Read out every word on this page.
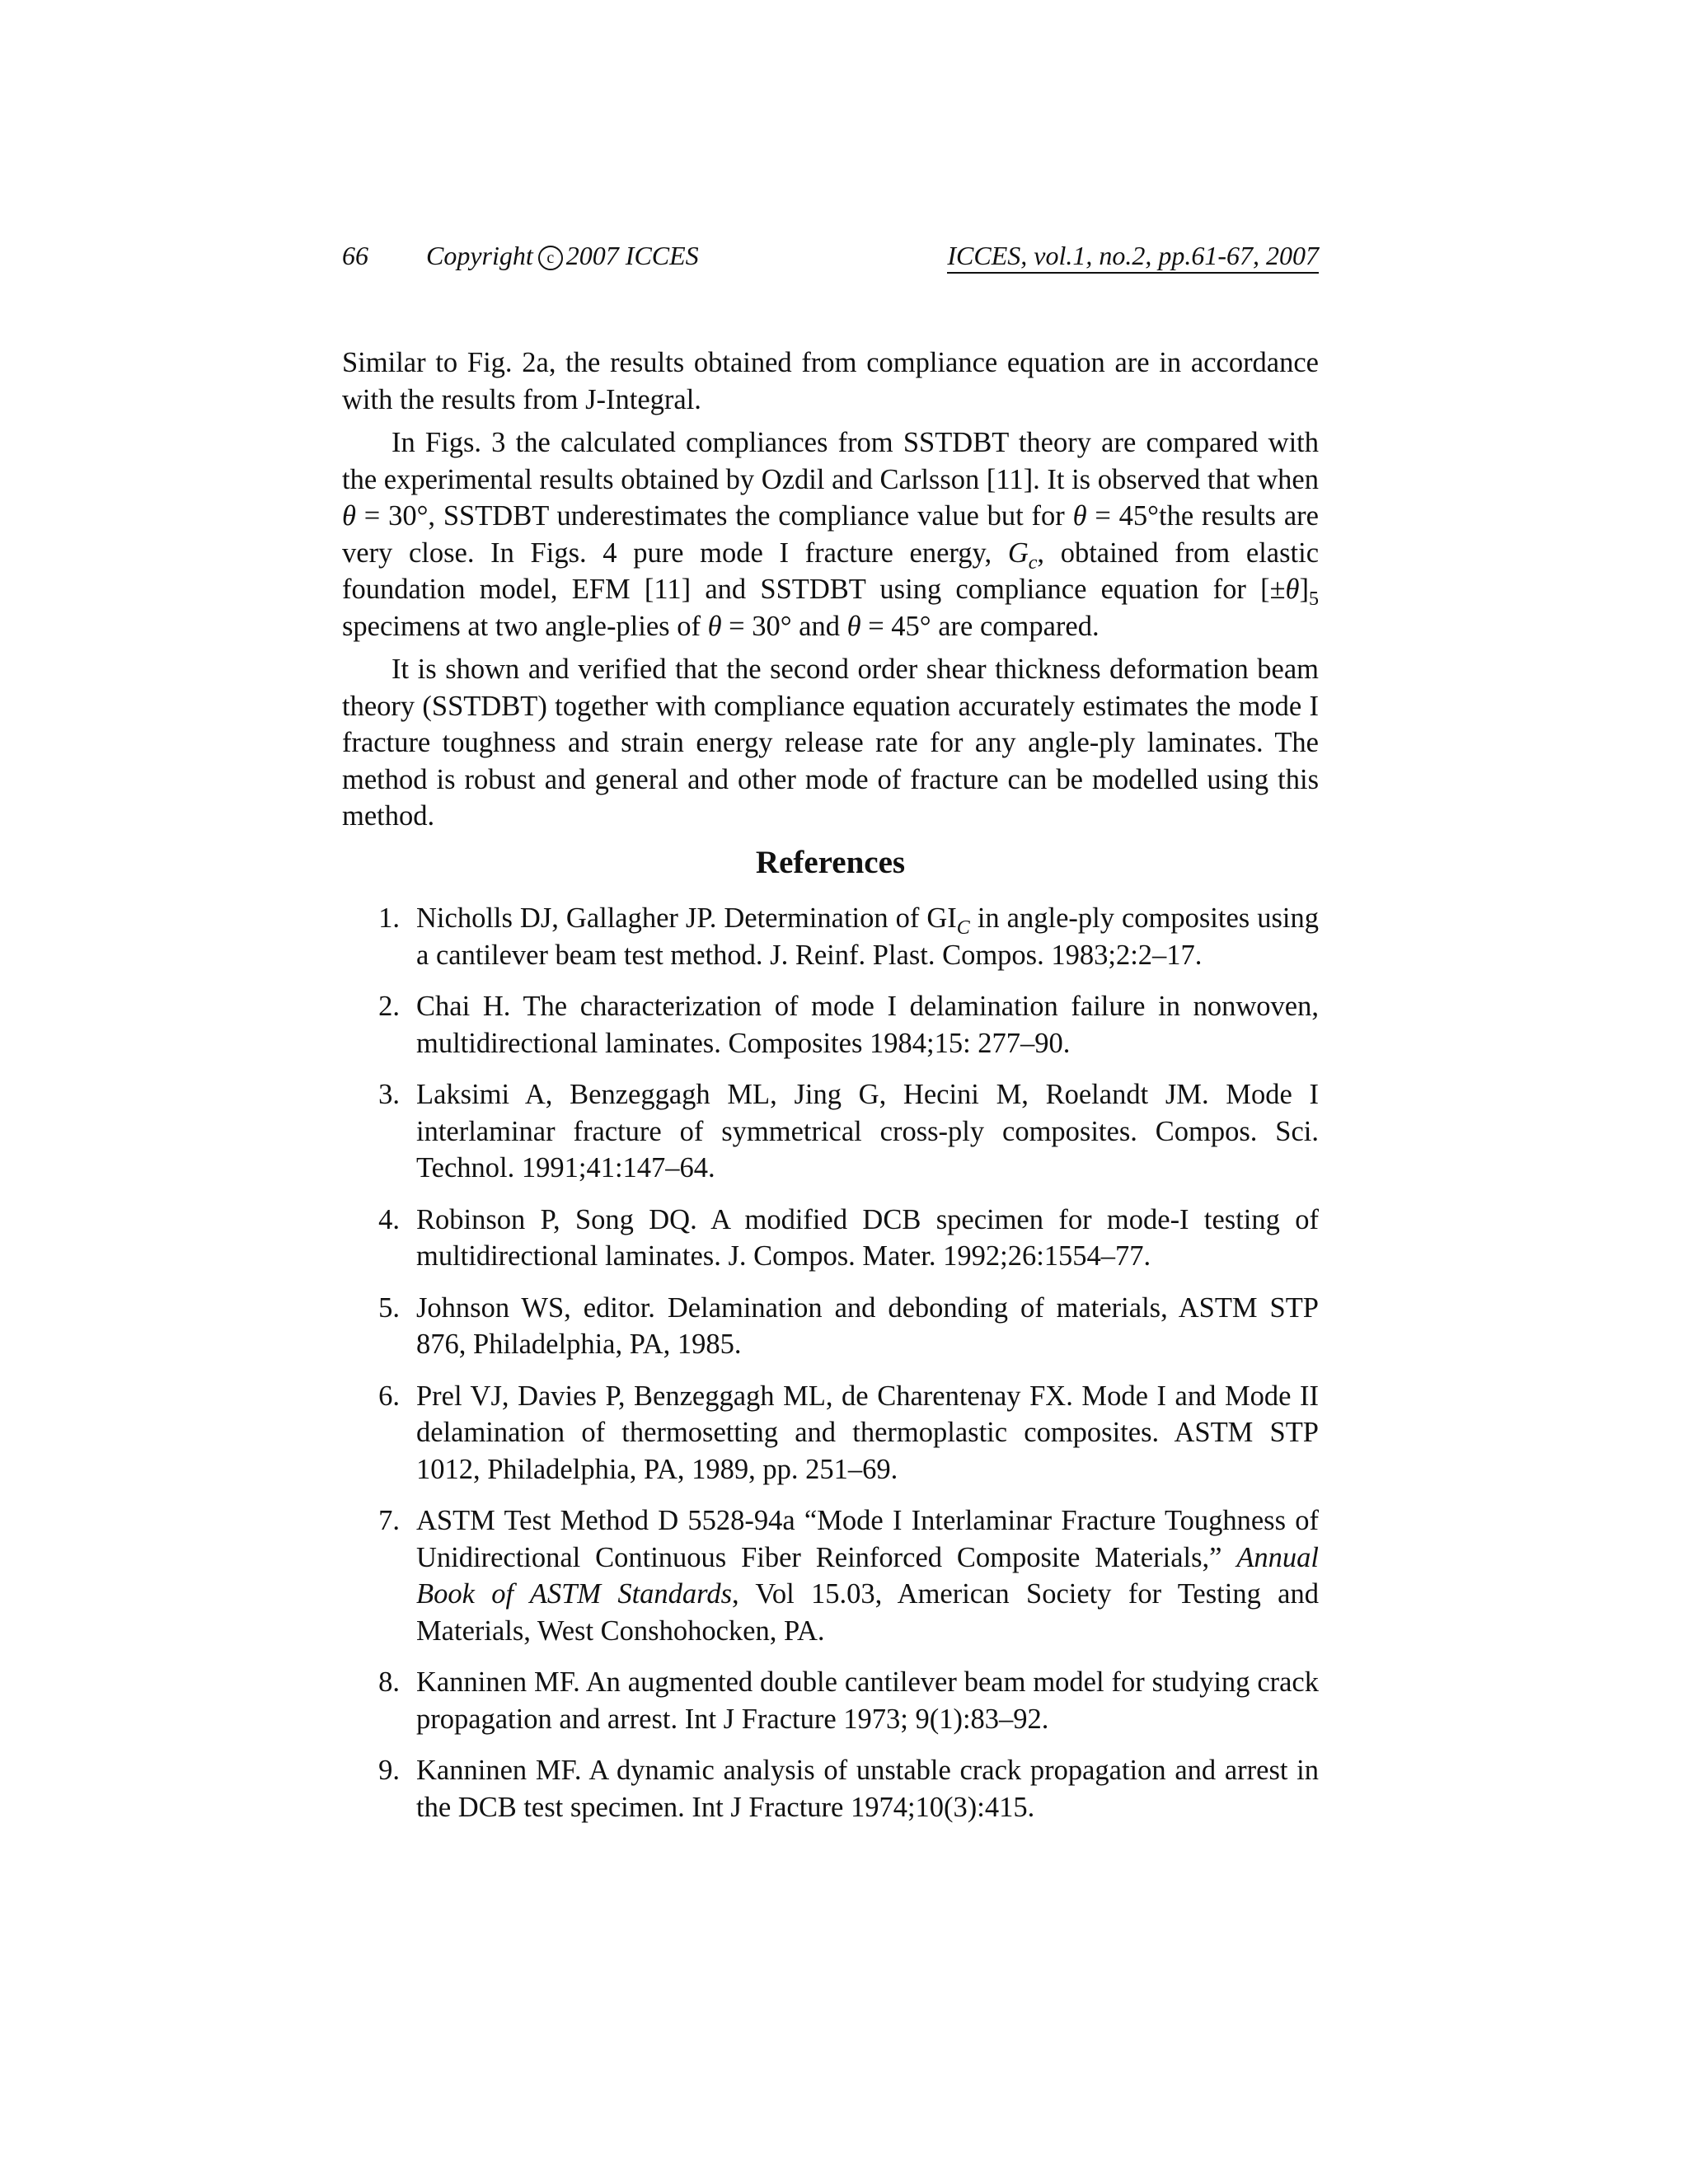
66 Copyright c 2007 ICCES	ICCES, vol.1, no.2, pp.61-67, 2007

Similar to Fig. 2a, the results obtained from compliance equation are in accordance with the results from J-Integral.

In Figs. 3 the calculated compliances from SSTDBT theory are compared with the experimental results obtained by Ozdil and Carlsson [11]. It is observed that when θ = 30°, SSTDBT underestimates the compliance value but for θ = 45°the results are very close. In Figs. 4 pure mode I fracture energy, $G_c$, obtained from elastic foundation model, EFM [11] and SSTDBT using compliance equation for $[\pm\theta]_5$ specimens at two angle-plies of θ = 30° and θ = 45° are compared.

It is shown and verified that the second order shear thickness deformation beam theory (SSTDBT) together with compliance equation accurately estimates the mode I fracture toughness and strain energy release rate for any angle-ply laminates. The method is robust and general and other mode of fracture can be modelled using this method.

References
1. Nicholls DJ, Gallagher JP. Determination of $GI_C$ in angle-ply composites using a cantilever beam test method. J. Reinf. Plast. Compos. 1983;2:2–17.
2. Chai H. The characterization of mode I delamination failure in nonwoven, multidirectional laminates. Composites 1984;15: 277–90.
3. Laksimi A, Benzeggagh ML, Jing G, Hecini M, Roelandt JM. Mode I interlaminar fracture of symmetrical cross-ply composites. Compos. Sci. Technol. 1991;41:147–64.
4. Robinson P, Song DQ. A modified DCB specimen for mode-I testing of multidirectional laminates. J. Compos. Mater. 1992;26:1554–77.
5. Johnson WS, editor. Delamination and debonding of materials, ASTM STP 876, Philadelphia, PA, 1985.
6. Prel VJ, Davies P, Benzeggagh ML, de Charentenay FX. Mode I and Mode II delamination of thermosetting and thermoplastic composites. ASTM STP 1012, Philadelphia, PA, 1989, pp. 251–69.
7. ASTM Test Method D 5528-94a “Mode I Interlaminar Fracture Toughness of Unidirectional Continuous Fiber Reinforced Composite Materials,” Annual Book of ASTM Standards, Vol 15.03, American Society for Testing and Materials, West Conshohocken, PA.
8. Kanninen MF. An augmented double cantilever beam model for studying crack propagation and arrest. Int J Fracture 1973; 9(1):83–92.
9. Kanninen MF. A dynamic analysis of unstable crack propagation and arrest in the DCB test specimen. Int J Fracture 1974;10(3):415.
